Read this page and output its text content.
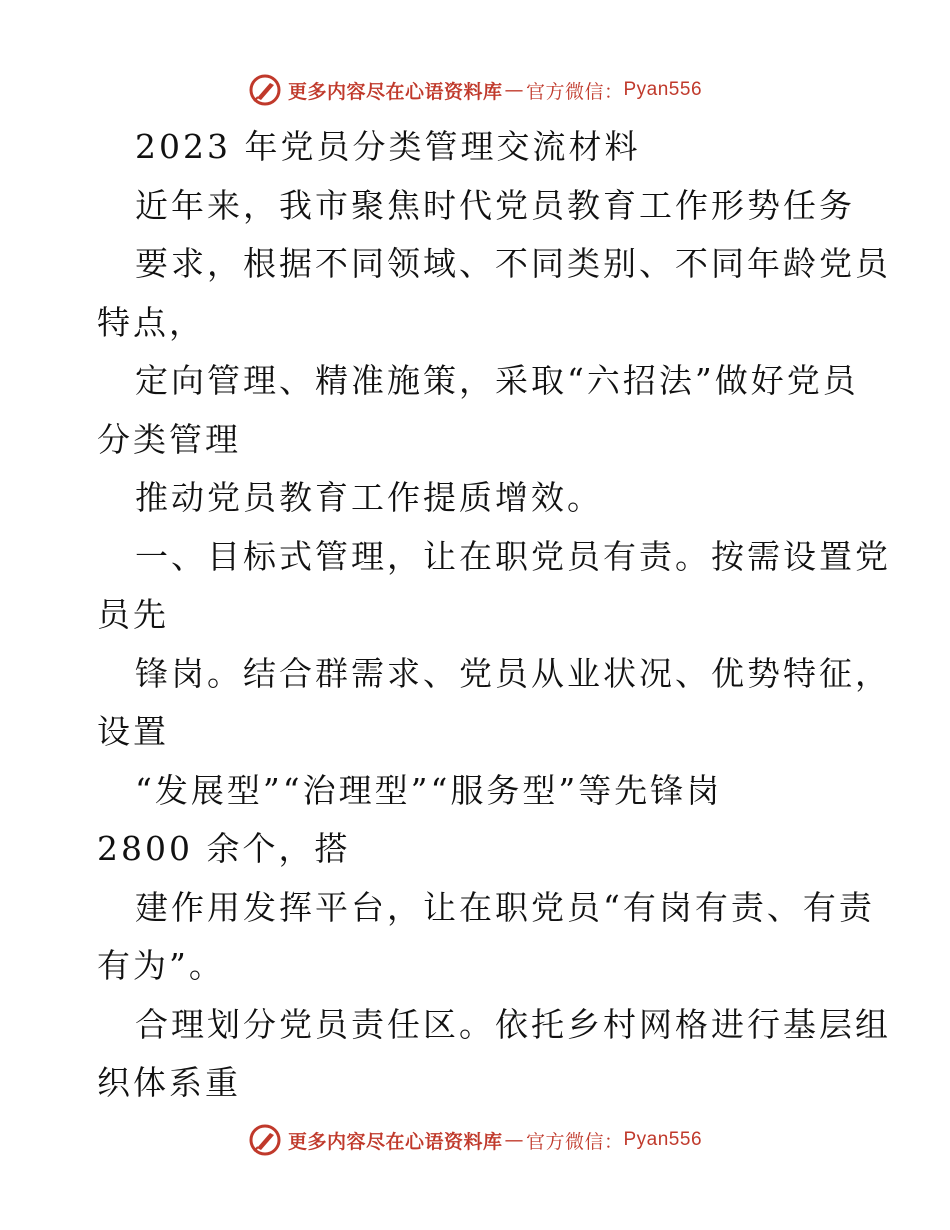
更多内容尽在心语资料库 — 官方微信： Pyan556
2023 年党员分类管理交流材料
近年来，我市聚焦时代党员教育工作形势任务
要求，根据不同领域、不同类别、不同年龄党员
特点，
定向管理、精准施策，采取“六招法”做好党员
分类管理
推动党员教育工作提质增效。
一、目标式管理，让在职党员有责。按需设置党
员先
锋岗。结合群需求、党员从业状况、优势特征，
设置
“发展型”“治理型”“服务型”等先锋岗
2800 余个，搭
建作用发挥平台，让在职党员“有岗有责、有责
有为”。
合理划分党员责任区。依托乡村网格进行基层组
织体系重
更多内容尽在心语资料库 — 官方微信： Pyan556
